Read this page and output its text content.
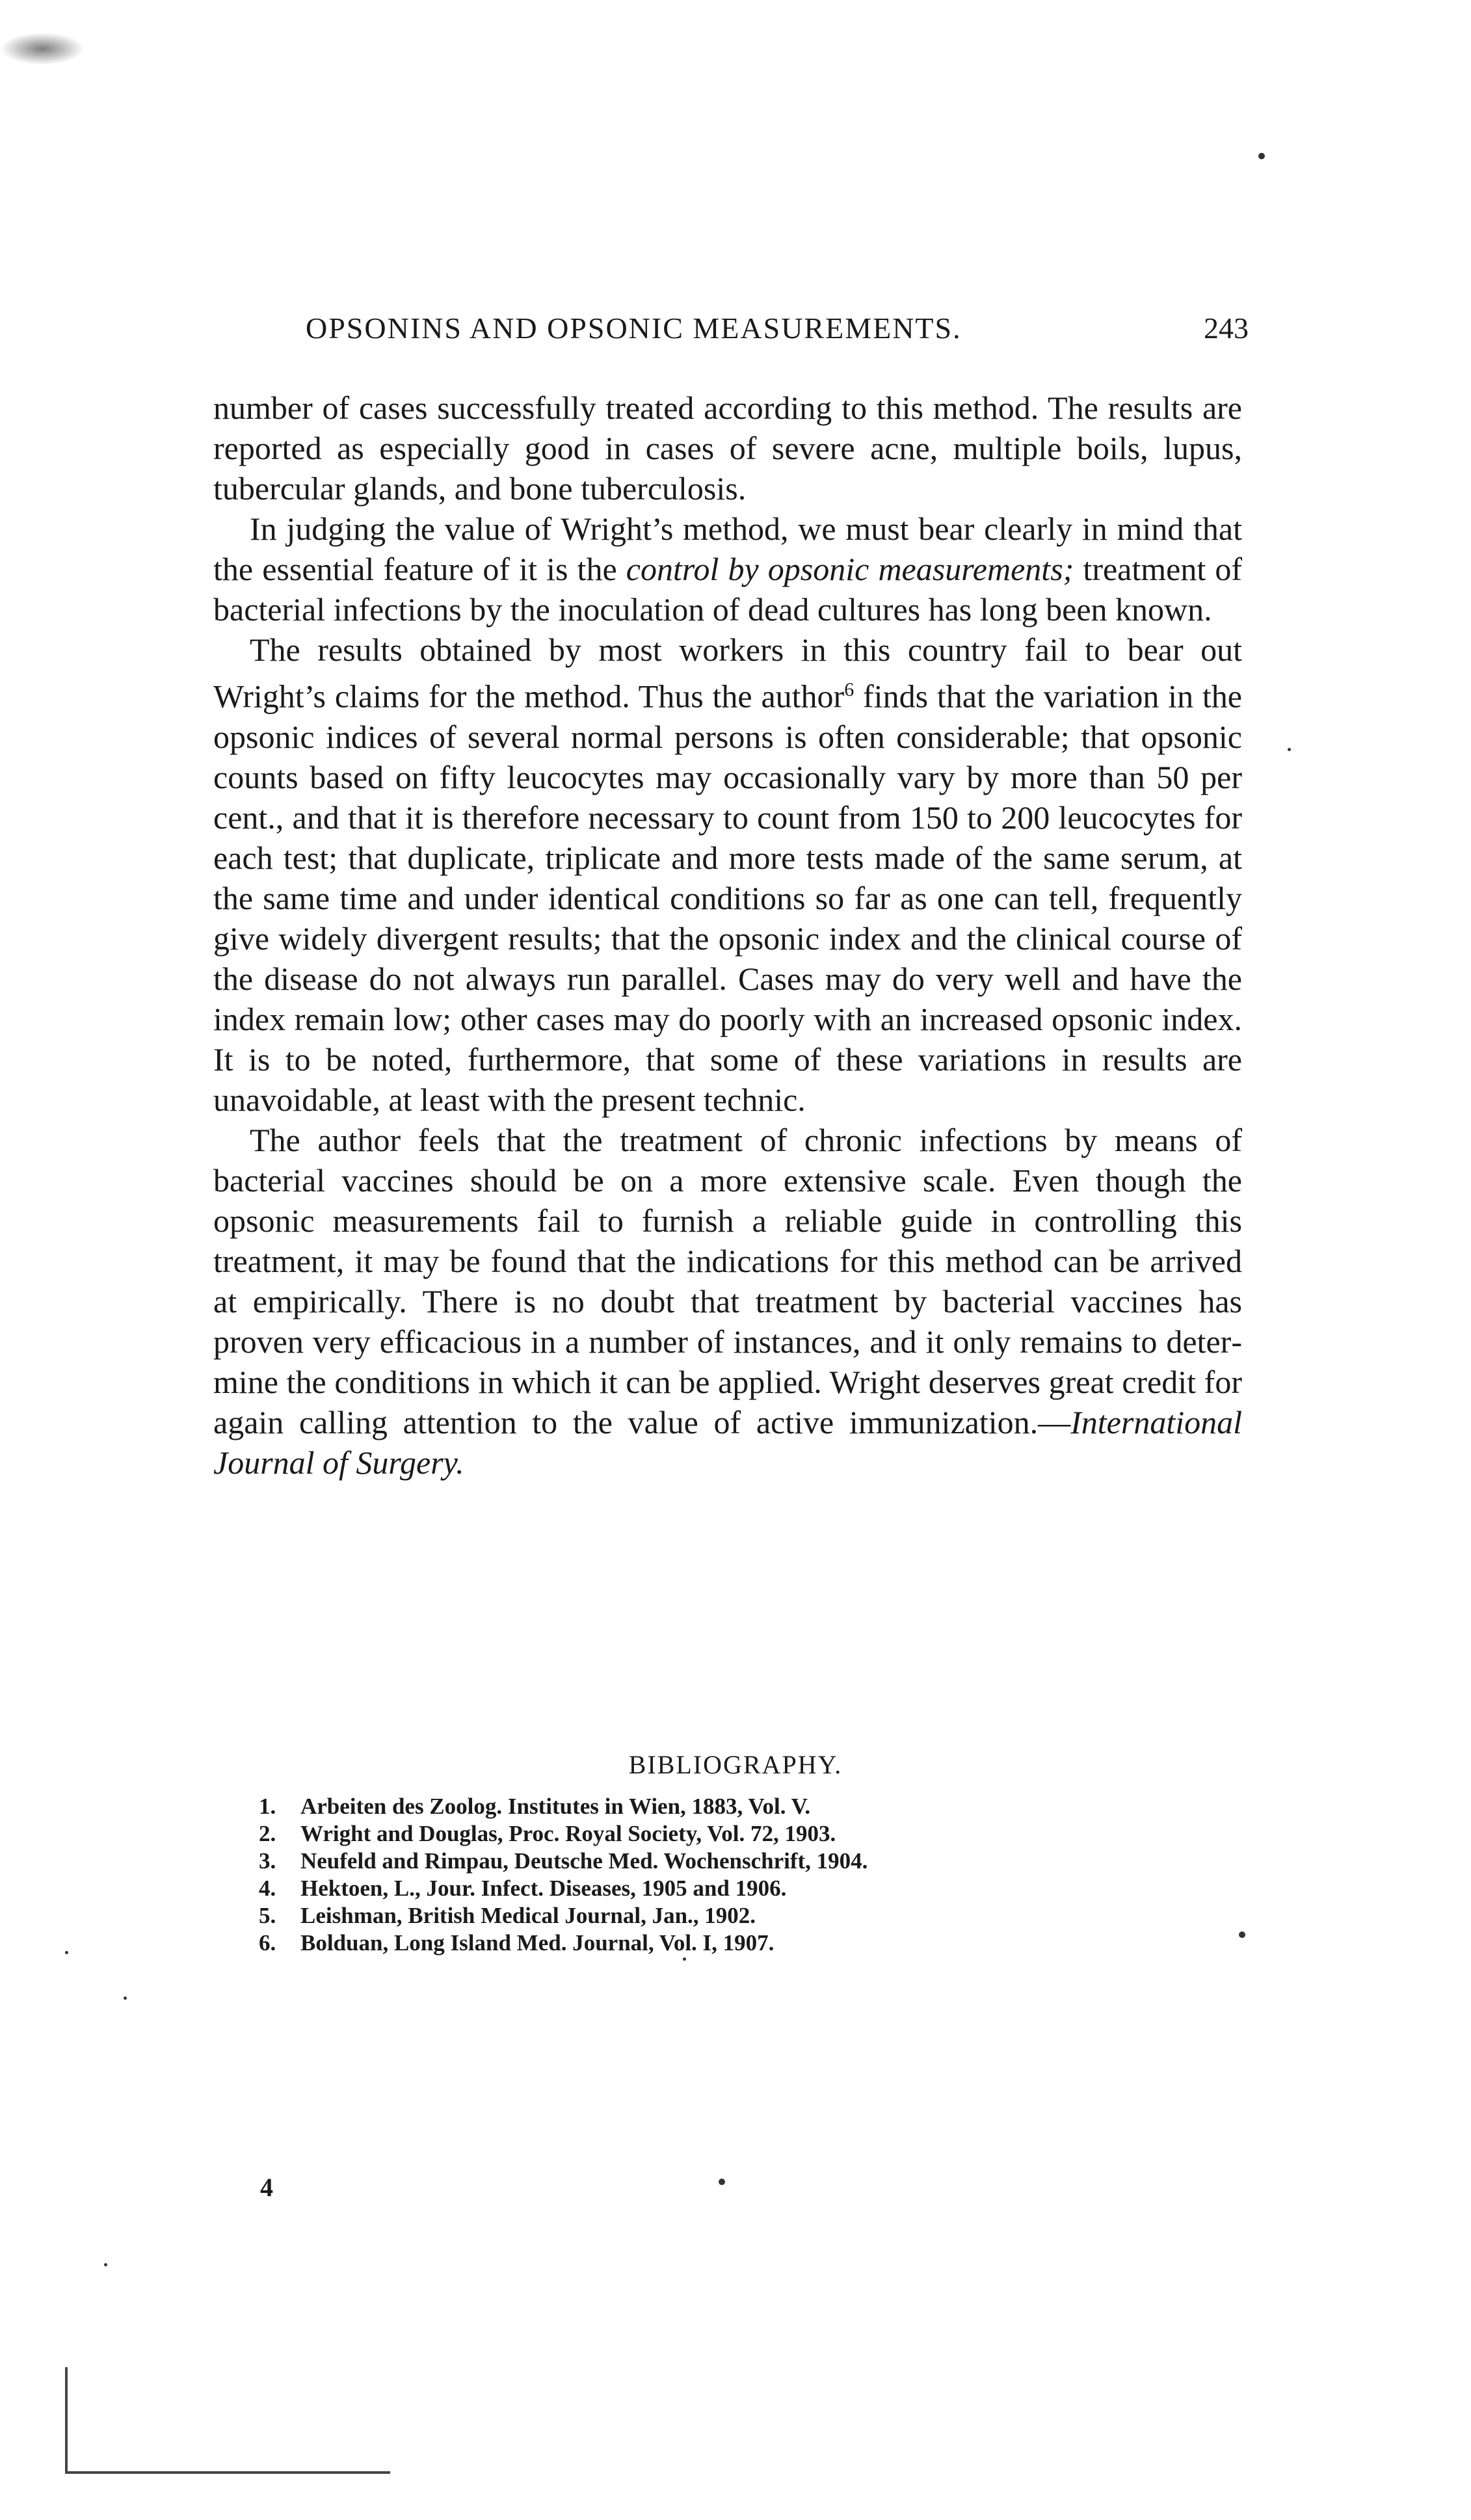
OPSONINS AND OPSONIC MEASUREMENTS.	243

number of cases successfully treated according to this method. The results are reported as especially good in cases of severe acne, multiple boils, lupus, tubercular glands, and bone tuberculosis.

In judging the value of Wright’s method, we must bear clearly in mind that the essential feature of it is the control by opsonic measurements; treatment of bacterial infections by the inoculation of dead cultures has long been known.

The results obtained by most workers in this country fail to bear out Wright’s claims for the method. Thus the author$^6$ finds that the variation in the opsonic indices of several normal persons is often considerable; that opsonic counts based on fifty leucocytes may occasionally vary by more than 50 per cent., and that it is therefore necessary to count from 150 to 200 leucocytes for each test; that duplicate, triplicate and more tests made of the same serum, at the same time and under identical conditions so far as one can tell, frequently give widely divergent results; that the opsonic index and the clinical course of the disease do not always run parallel. Cases may do very well and have the index remain low; other cases may do poorly with an increased opsonic index. It is to be noted, furthermore, that some of these variations in results are unavoidable, at least with the present technic.

The author feels that the treatment of chronic infections by means of bacterial vaccines should be on a more extensive scale. Even though the opsonic measurements fail to furnish a reliable guide in controlling this treatment, it may be found that the indications for this method can be arrived at empirically. There is no doubt that treatment by bacterial vaccines has proven very efficacious in a number of instances, and it only remains to determine the conditions in which it can be applied. Wright deserves great credit for again calling attention to the value of active immunization.—International Journal of Surgery.

BIBLIOGRAPHY.
1. Arbeiten des Zoolog. Institutes in Wien, 1883, Vol. V.
2. Wright and Douglas, Proc. Royal Society, Vol. 72, 1903.
3. Neufeld and Rimpau, Deutsche Med. Wochenschrift, 1904.
4. Hektoen, L., Jour. Infect. Diseases, 1905 and 1906.
5. Leishman, British Medical Journal, Jan., 1902.
6. Bolduan, Long Island Med. Journal, Vol. I, 1907.
4
